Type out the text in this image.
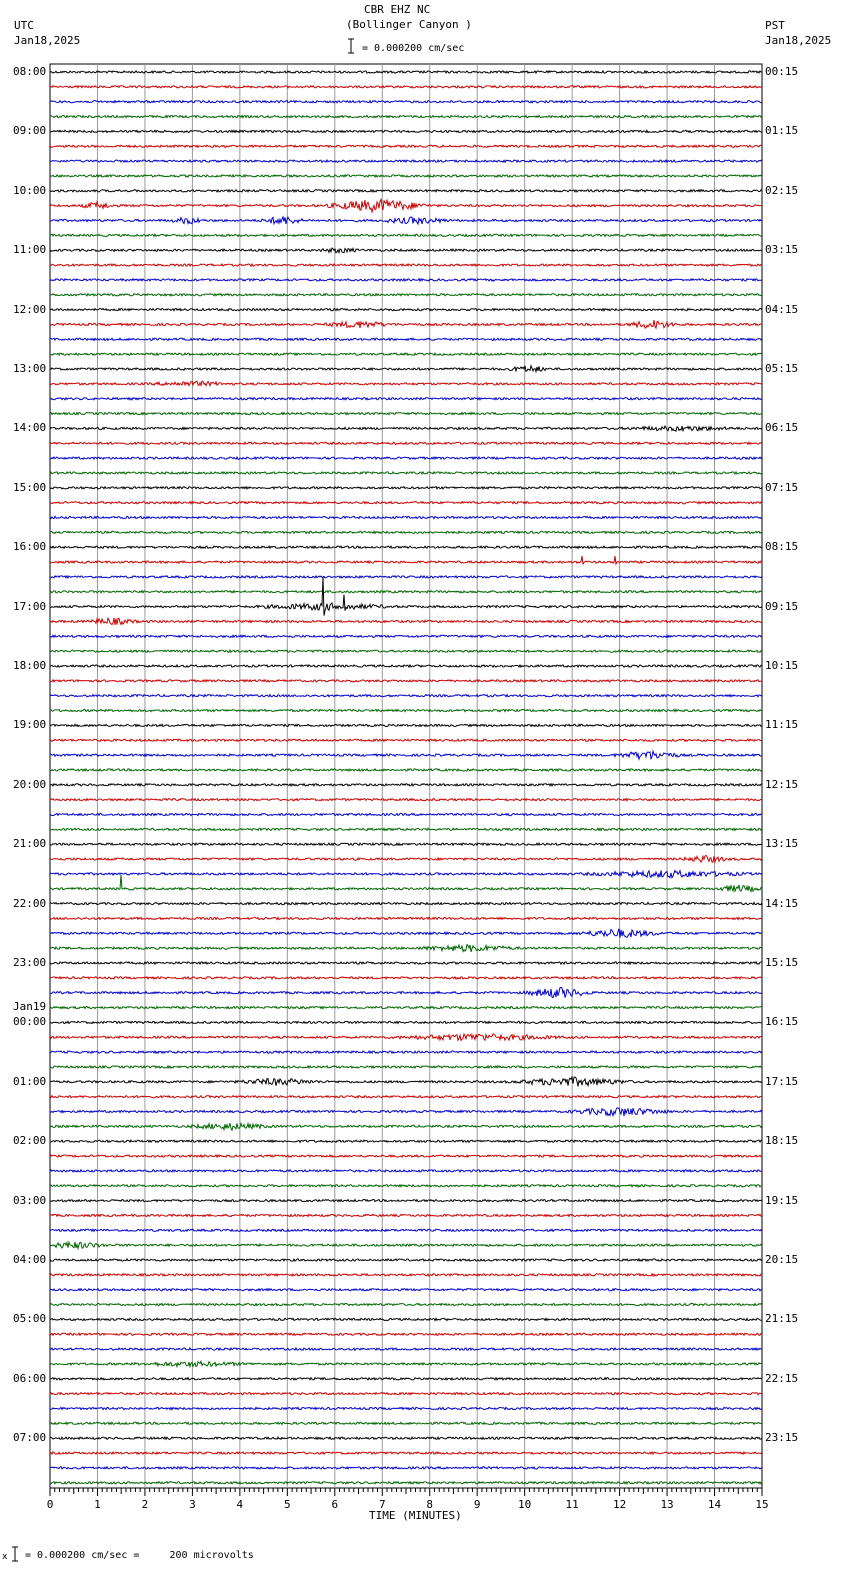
0	1	2	3	4	5	6	7	8	9	10	11	12	13	14	15
CBR EHZ NC
(Bollinger Canyon )
= 0.000200 cm/sec
UTC
Jan18,2025
PST
Jan18,2025
08:00
09:00
10:00
11:00
12:00
13:00
14:00
15:00
16:00
17:00
18:00
19:00
20:00
21:00
22:00
23:00
00:00
Jan19
01:00
02:00
03:00
04:00
05:00
06:00
07:00
00:15
01:15
02:15
03:15
04:15
05:15
06:15
07:15
08:15
09:15
10:15
11:15
12:15
13:15
14:15
15:15
16:15
17:15
18:15
19:15
20:15
21:15
22:15
23:15
TIME (MINUTES)
x = 0.000200 cm/sec =     200 microvolts
